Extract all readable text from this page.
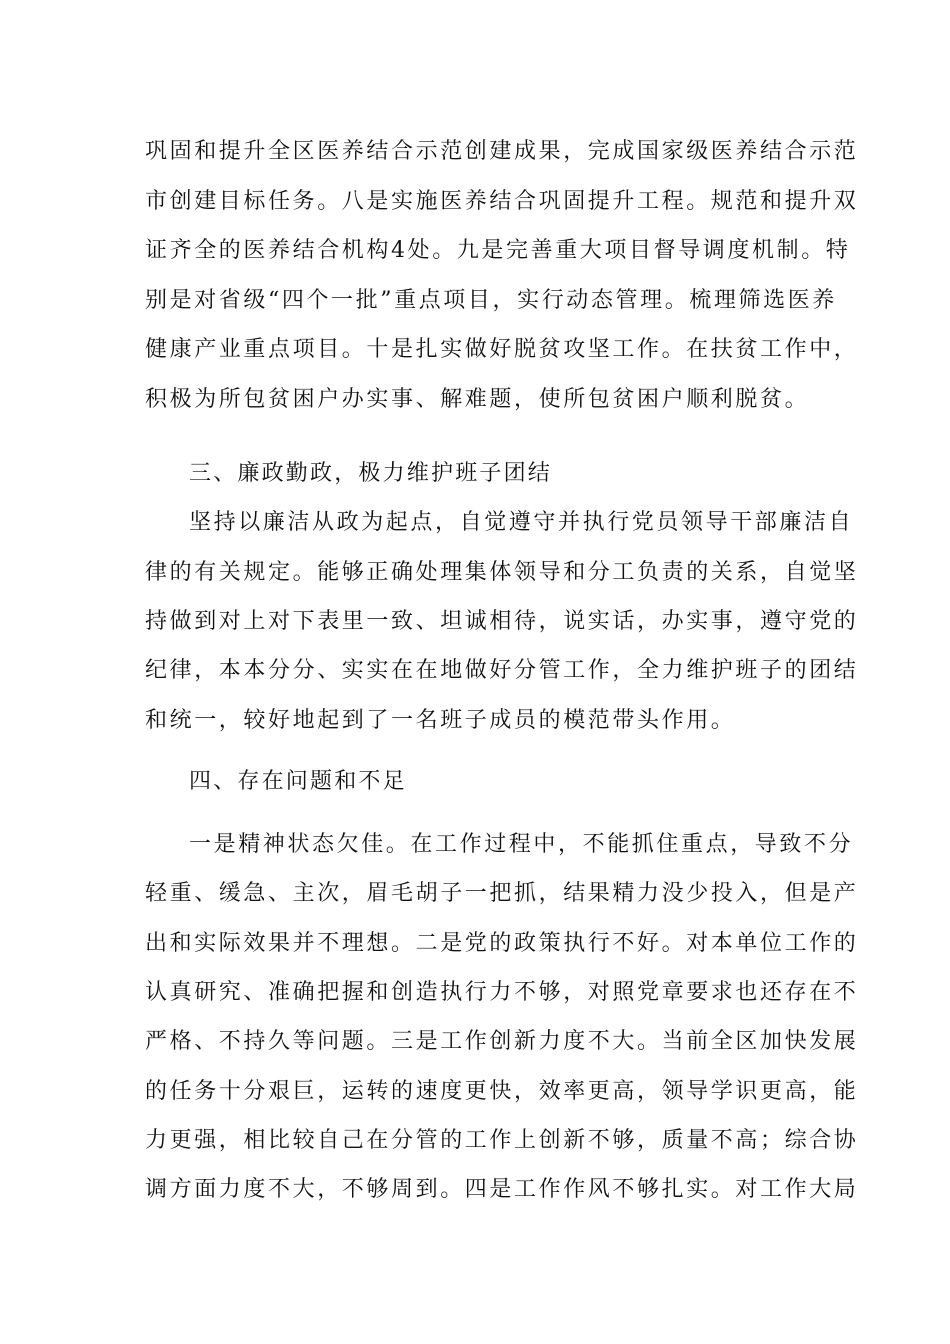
巩固和提升全区医养结合示范创建成果，完成国家级医养结合示范
市创建目标任务。八是实施医养结合巩固提升工程。规范和提升双
证齐全的医养结合机构4处。九是完善重大项目督导调度机制。特
别是对省级“四个一批”重点项目，实行动态管理。梳理筛选医养
健康产业重点项目。十是扎实做好脱贫攻坚工作。在扶贫工作中，
积极为所包贫困户办实事、解难题，使所包贫困户顺利脱贫。
三、廉政勤政，极力维护班子团结
坚持以廉洁从政为起点，自觉遵守并执行党员领导干部廉洁自
律的有关规定。能够正确处理集体领导和分工负责的关系，自觉坚
持做到对上对下表里一致、坦诚相待，说实话，办实事，遵守党的
纪律，本本分分、实实在在地做好分管工作，全力维护班子的团结
和统一，较好地起到了一名班子成员的模范带头作用。
四、存在问题和不足
一是精神状态欠佳。在工作过程中，不能抓住重点，导致不分
轻重、缓急、主次，眉毛胡子一把抓，结果精力没少投入，但是产
出和实际效果并不理想。二是党的政策执行不好。对本单位工作的
认真研究、准确把握和创造执行力不够，对照党章要求也还存在不
严格、不持久等问题。三是工作创新力度不大。当前全区加快发展
的任务十分艰巨，运转的速度更快，效率更高，领导学识更高，能
力更强，相比较自己在分管的工作上创新不够，质量不高；综合协
调方面力度不大，不够周到。四是工作作风不够扎实。对工作大局
